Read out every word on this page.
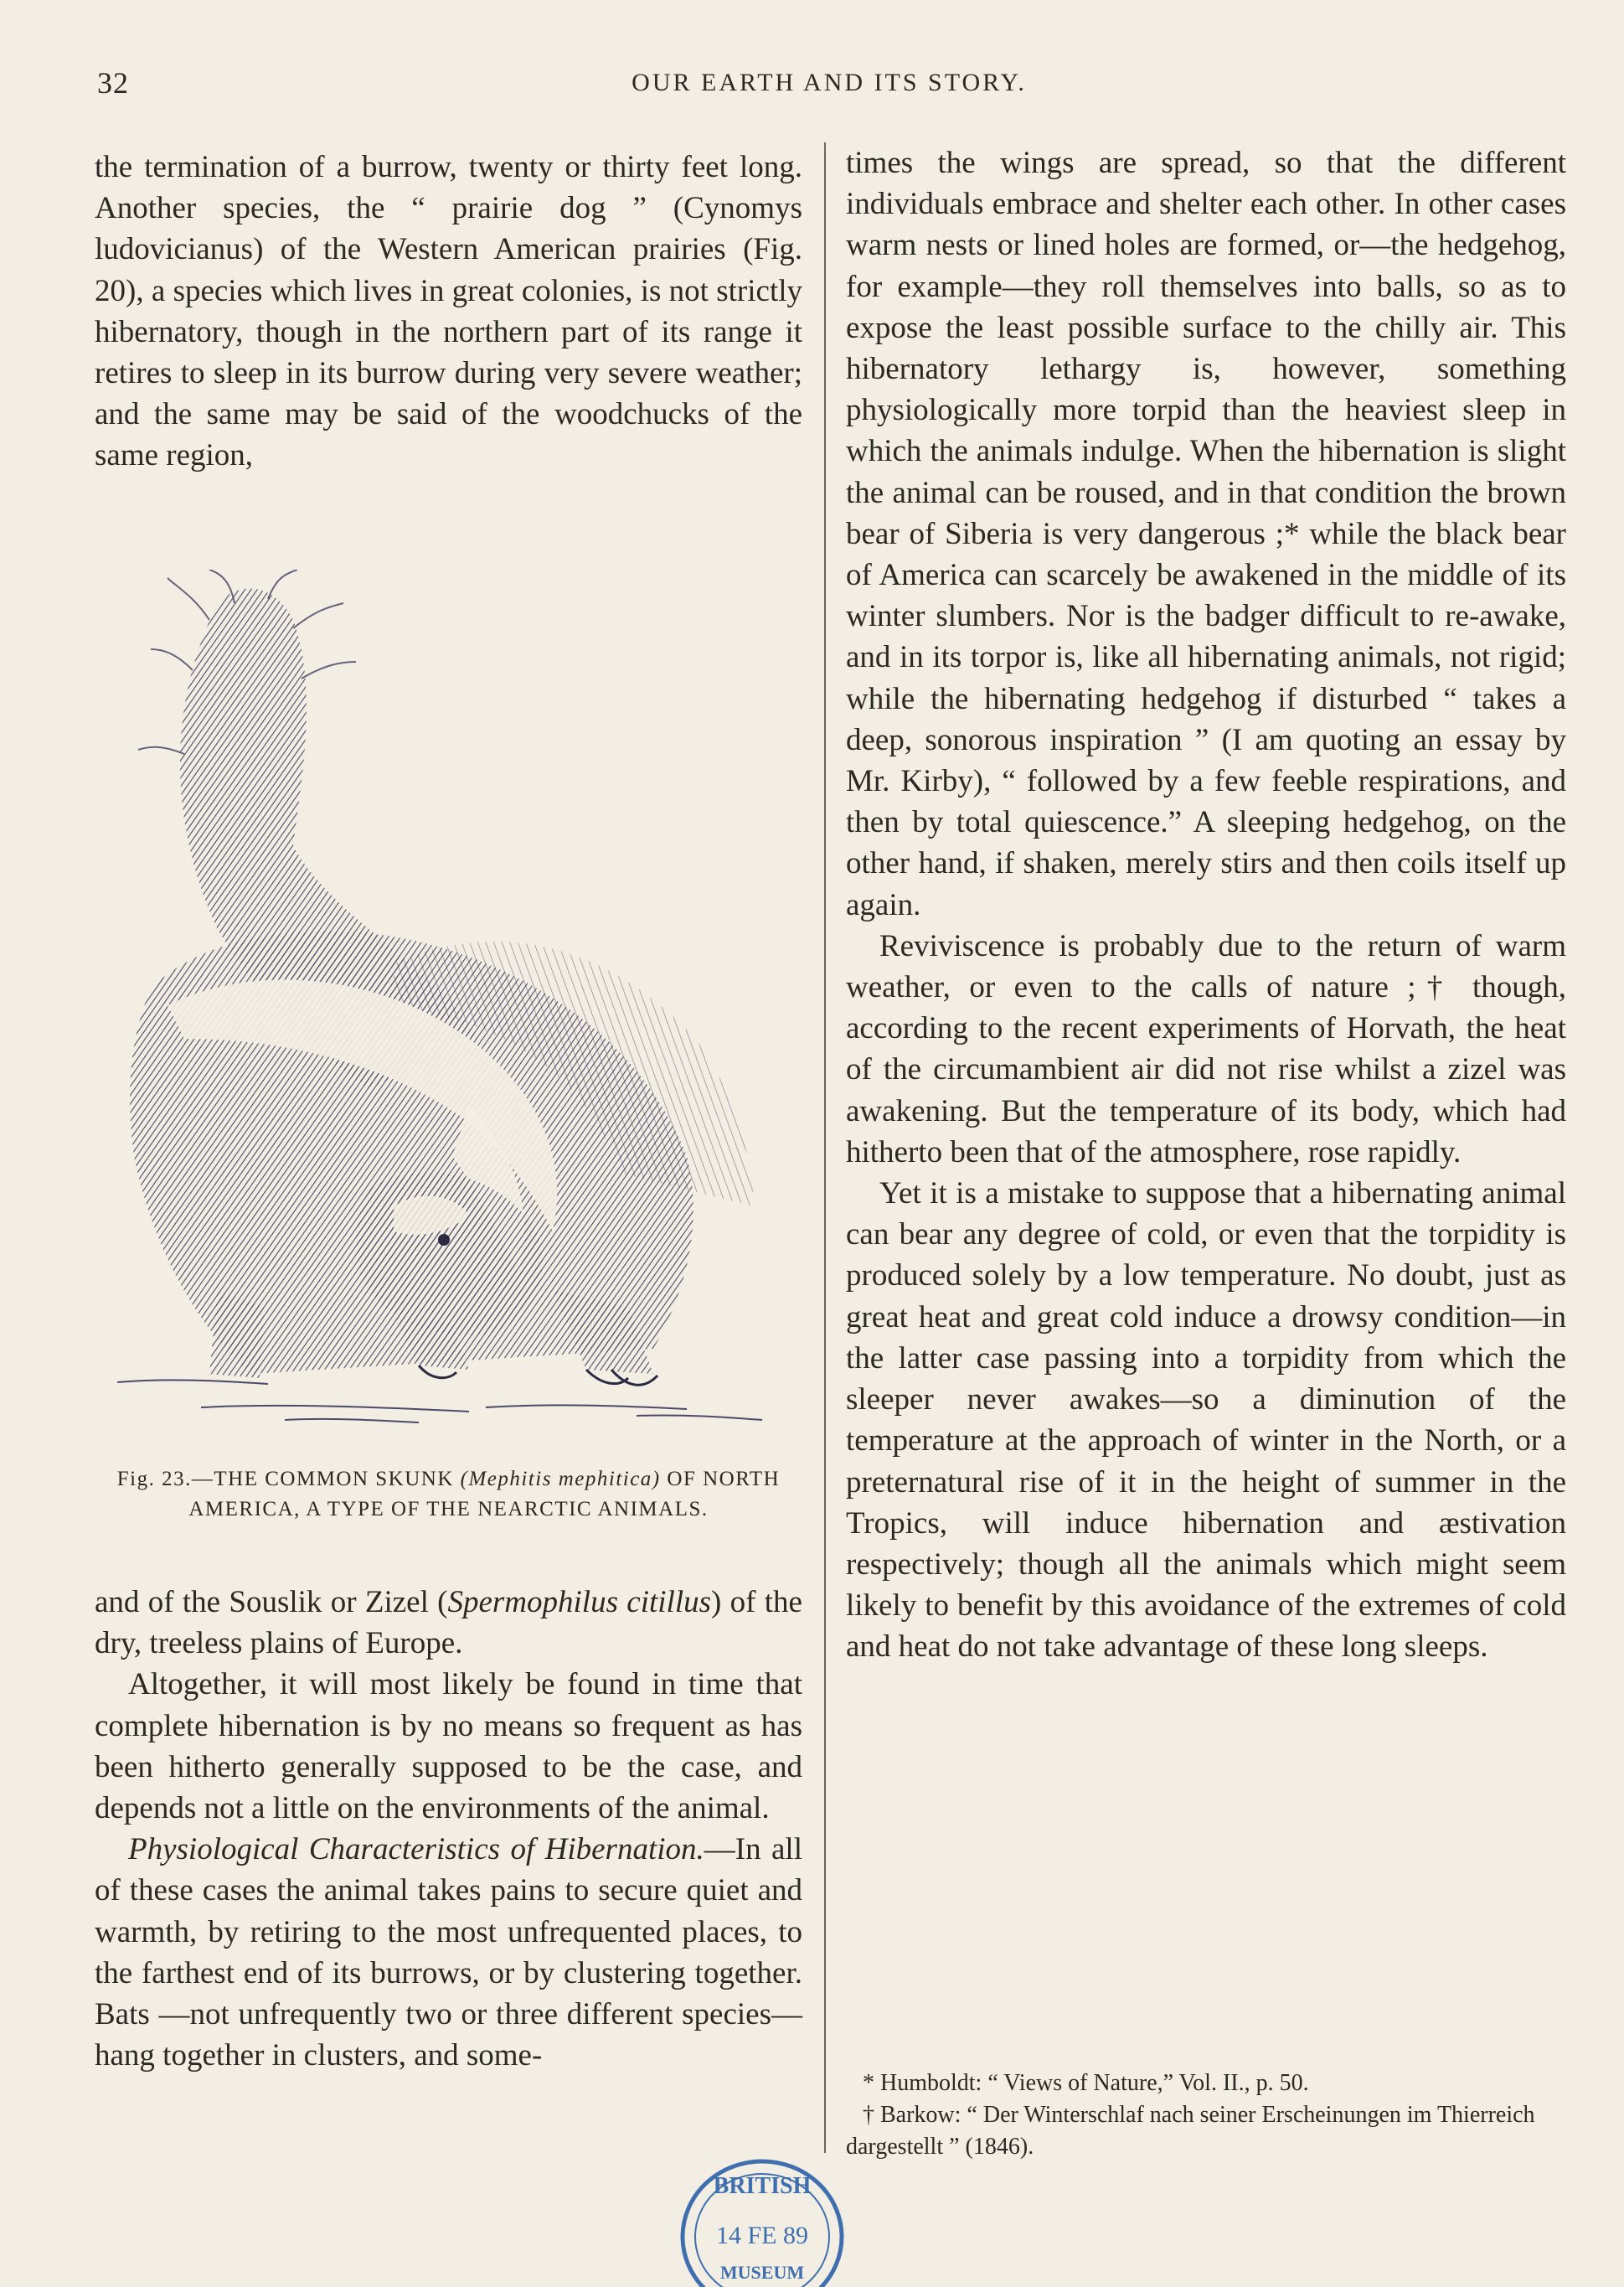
32	OUR EARTH AND ITS STORY.

the termination of a burrow, twenty or thirty feet long. Another species, the “ prairie dog ” (Cynomys ludovicianus) of the Western American prairies (Fig. 20), a species which lives in great colonies, is not strictly hibernatory, though in the northern part of its range it retires to sleep in its burrow during very severe weather; and the same may be said of the woodchucks of the same region,

Fig. 23.—THE COMMON SKUNK (Mephitis mephitica) OF NORTH AMERICA, A TYPE OF THE NEARCTIC ANIMALS.

and of the Souslik or Zizel (Spermophilus citillus) of the dry, treeless plains of Europe.

Altogether, it will most likely be found in time that complete hibernation is by no means so frequent as has been hitherto generally supposed to be the case, and depends not a little on the environments of the animal.

Physiological Characteristics of Hibernation.—In all of these cases the animal takes pains to secure quiet and warmth, by retiring to the most unfrequented places, to the farthest end of its burrows, or by clustering together. Bats —not unfrequently two or three different species—hang together in clusters, and some-

times the wings are spread, so that the different individuals embrace and shelter each other. In other cases warm nests or lined holes are formed, or—the hedgehog, for example—they roll themselves into balls, so as to expose the least possible surface to the chilly air. This hibernatory lethargy is, however, something physiologically more torpid than the heaviest sleep in which the animals indulge. When the hibernation is slight the animal can be roused, and in that condition the brown bear of Siberia is very dangerous ;* while the black bear of America can scarcely be awakened in the middle of its winter slumbers. Nor is the badger difficult to re-awake, and in its torpor is, like all hibernating animals, not rigid; while the hibernating hedgehog if disturbed “ takes a deep, sonorous inspiration ” (I am quoting an essay by Mr. Kirby), “ followed by a few feeble respirations, and then by total quiescence.” A sleeping hedgehog, on the other hand, if shaken, merely stirs and then coils itself up again.

Reviviscence is probably due to the return of warm weather, or even to the calls of nature ;† though, according to the recent experiments of Horvath, the heat of the circumambient air did not rise whilst a zizel was awakening. But the temperature of its body, which had hitherto been that of the atmosphere, rose rapidly.

Yet it is a mistake to suppose that a hibernating animal can bear any degree of cold, or even that the torpidity is produced solely by a low temperature. No doubt, just as great heat and great cold induce a drowsy condition—in the latter case passing into a torpidity from which the sleeper never awakes—so a diminution of the temperature at the approach of winter in the North, or a preternatural rise of it in the height of summer in the Tropics, will induce hibernation and æstivation respectively; though all the animals which might seem likely to benefit by this avoidance of the extremes of cold and heat do not take advantage of these long sleeps.

* Humboldt: “ Views of Nature,” Vol. II., p. 50.

† Barkow: “ Der Winterschlaf nach seiner Erscheinungen im Thierreich dargestellt ” (1846).

BRITISH
14 FE 89
MUSEUM
